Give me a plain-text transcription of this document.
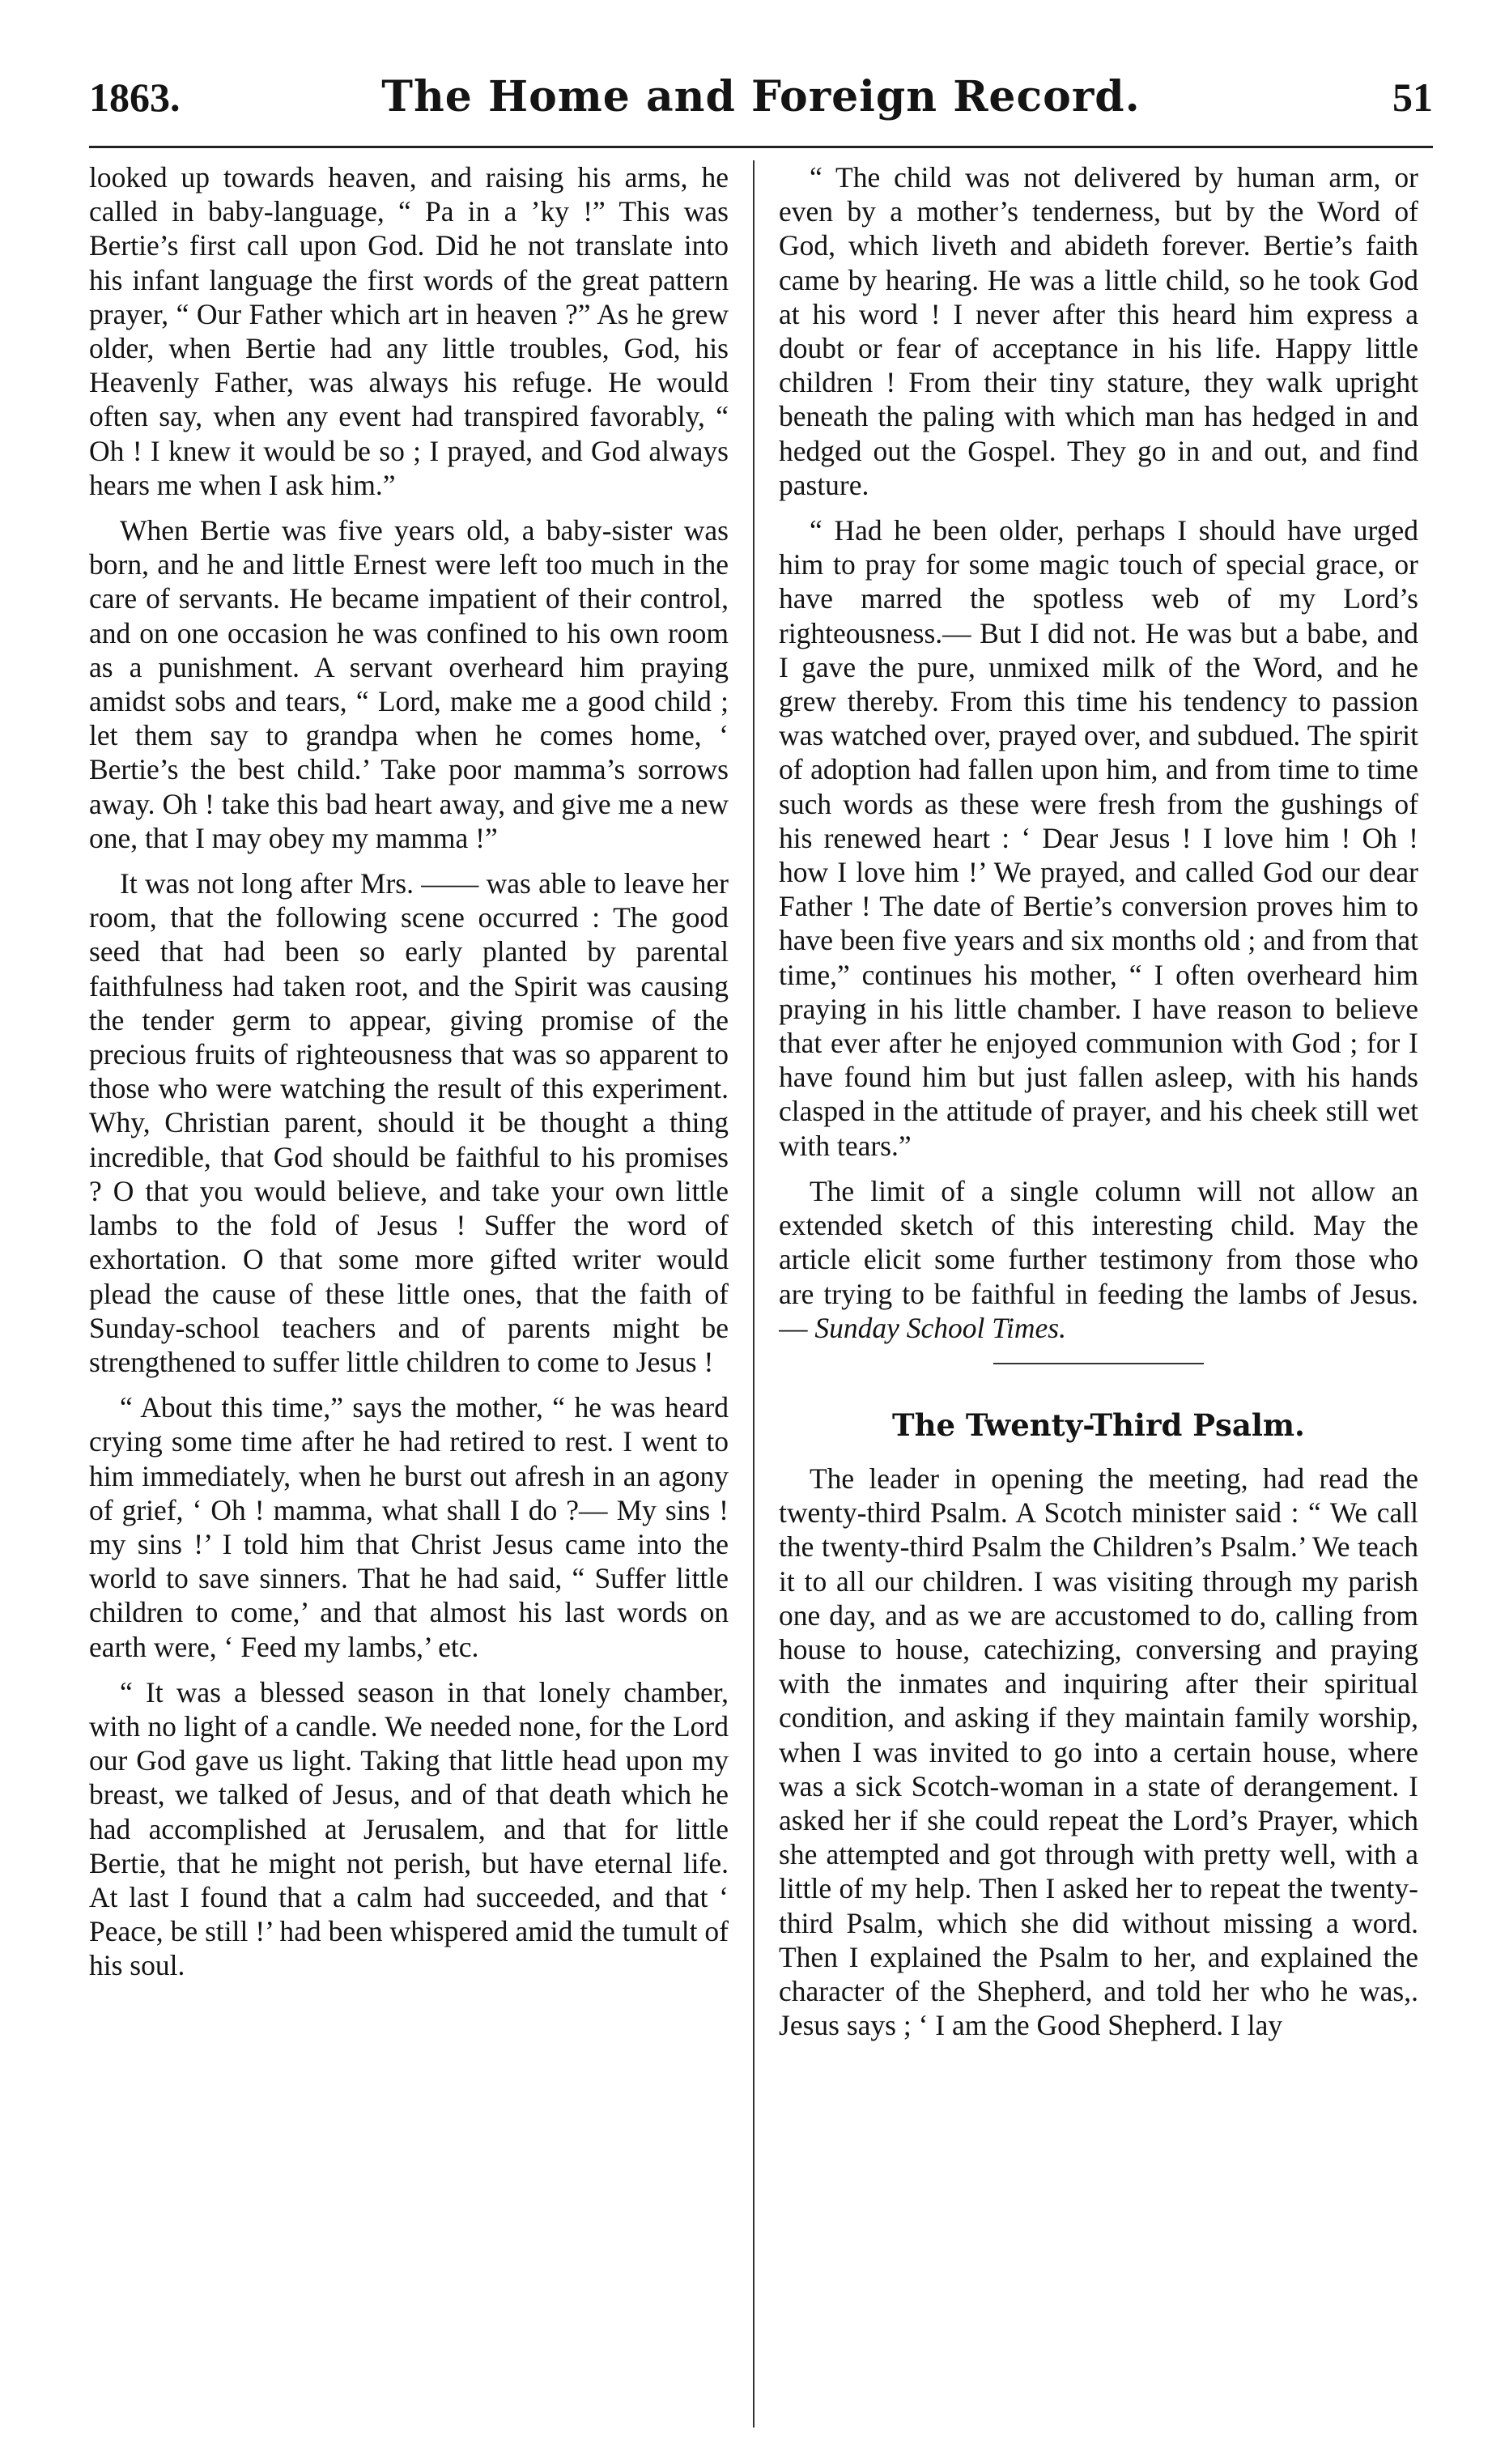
1863.	The Home and Foreign Record.	51

looked up towards heaven, and raising his arms, he called in baby-language, “ Pa in a ’ky !” This was Bertie’s first call upon God. Did he not translate into his infant language the first words of the great pattern prayer, “ Our Father which art in heaven ?” As he grew older, when Bertie had any little troubles, God, his Heavenly Father, was always his refuge. He would often say, when any event had transpired favorably, “ Oh ! I knew it would be so ; I prayed, and God always hears me when I ask him.”

When Bertie was five years old, a baby-sister was born, and he and little Ernest were left too much in the care of servants. He became impatient of their control, and on one occasion he was confined to his own room as a punishment. A servant overheard him praying amidst sobs and tears, “ Lord, make me a good child ; let them say to grandpa when he comes home, ‘ Bertie’s the best child.’ Take poor mamma’s sorrows away. Oh ! take this bad heart away, and give me a new one, that I may obey my mamma !”

It was not long after Mrs. —— was able to leave her room, that the following scene occurred : The good seed that had been so early planted by parental faithfulness had taken root, and the Spirit was causing the tender germ to appear, giving promise of the precious fruits of righteousness that was so apparent to those who were watching the result of this experiment. Why, Christian parent, should it be thought a thing incredible, that God should be faithful to his promises ? O that you would believe, and take your own little lambs to the fold of Jesus ! Suffer the word of exhortation. O that some more gifted writer would plead the cause of these little ones, that the faith of Sunday-school teachers and of parents might be strengthened to suffer little children to come to Jesus !

“ About this time,” says the mother, “ he was heard crying some time after he had retired to rest. I went to him immediately, when he burst out afresh in an agony of grief, ‘ Oh ! mamma, what shall I do ?— My sins ! my sins !’ I told him that Christ Jesus came into the world to save sinners. That he had said, “ Suffer little children to come,’ and that almost his last words on earth were, ‘ Feed my lambs,’ etc.

“ It was a blessed season in that lonely chamber, with no light of a candle. We needed none, for the Lord our God gave us light. Taking that little head upon my breast, we talked of Jesus, and of that death which he had accomplished at Jerusalem, and that for little Bertie, that he might not perish, but have eternal life. At last I found that a calm had succeeded, and that ‘ Peace, be still !’ had been whispered amid the tumult of his soul.

“ The child was not delivered by human arm, or even by a mother’s tenderness, but by the Word of God, which liveth and abideth forever. Bertie’s faith came by hearing. He was a little child, so he took God at his word ! I never after this heard him express a doubt or fear of acceptance in his life. Happy little children ! From their tiny stature, they walk upright beneath the paling with which man has hedged in and hedged out the Gospel. They go in and out, and find pasture.

“ Had he been older, perhaps I should have urged him to pray for some magic touch of special grace, or have marred the spotless web of my Lord’s righteousness.— But I did not. He was but a babe, and I gave the pure, unmixed milk of the Word, and he grew thereby. From this time his tendency to passion was watched over, prayed over, and subdued. The spirit of adoption had fallen upon him, and from time to time such words as these were fresh from the gushings of his renewed heart : ‘ Dear Jesus ! I love him ! Oh ! how I love him !’ We prayed, and called God our dear Father ! The date of Bertie’s conversion proves him to have been five years and six months old ; and from that time,” continues his mother, “ I often overheard him praying in his little chamber. I have reason to believe that ever after he enjoyed communion with God ; for I have found him but just fallen asleep, with his hands clasped in the attitude of prayer, and his cheek still wet with tears.”

The limit of a single column will not allow an extended sketch of this interesting child. May the article elicit some further testimony from those who are trying to be faithful in feeding the lambs of Jesus.— Sunday School Times.

The Twenty-Third Psalm.

The leader in opening the meeting, had read the twenty-third Psalm. A Scotch minister said : “ We call the twenty-third Psalm the Children’s Psalm.’ We teach it to all our children. I was visiting through my parish one day, and as we are accustomed to do, calling from house to house, catechizing, conversing and praying with the inmates and inquiring after their spiritual condition, and asking if they maintain family worship, when I was invited to go into a certain house, where was a sick Scotch-woman in a state of derangement. I asked her if she could repeat the Lord’s Prayer, which she attempted and got through with pretty well, with a little of my help. Then I asked her to repeat the twenty-third Psalm, which she did without missing a word. Then I explained the Psalm to her, and explained the character of the Shepherd, and told her who he was,. Jesus says ; ‘ I am the Good Shepherd. I lay
